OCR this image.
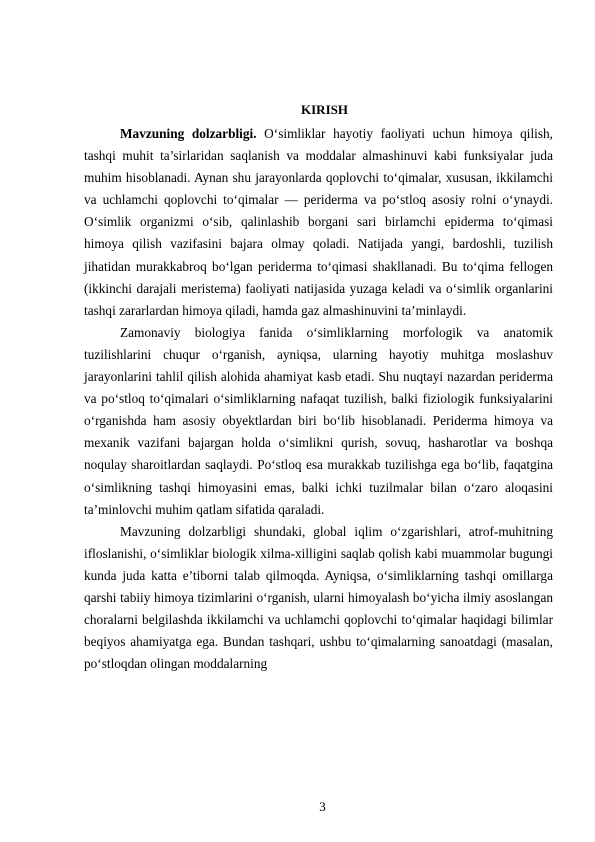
KIRISH

Mavzuning dolzarbligi. O‘simliklar hayotiy faoliyati uchun himoya qilish, tashqi muhit ta’sirlaridan saqlanish va moddalar almashinuvi kabi funksiyalar juda muhim hisoblanadi. Aynan shu jarayonlarda qoplovchi to‘qimalar, xususan, ikkilamchi va uchlamchi qoplovchi to‘qimalar — periderma va po‘stloq asosiy rolni o‘ynaydi. O‘simlik organizmi o‘sib, qalinlashib borgani sari birlamchi epiderma to‘qimasi himoya qilish vazifasini bajara olmay qoladi. Natijada yangi, bardoshli, tuzilish jihatidan murakkabroq bo‘lgan periderma to‘qimasi shakllanadi. Bu to‘qima fellogen (ikkinchi darajali meristema) faoliyati natijasida yuzaga keladi va o‘simlik organlarini tashqi zararlardan himoya qiladi, hamda gaz almashinuvini ta’minlaydi.

Zamonaviy biologiya fanida o‘simliklarning morfologik va anatomik tuzilishlarini chuqur o‘rganish, ayniqsa, ularning hayotiy muhitga moslashuv jarayonlarini tahlil qilish alohida ahamiyat kasb etadi. Shu nuqtayi nazardan periderma va po‘stloq to‘qimalari o‘simliklarning nafaqat tuzilish, balki fiziologik funksiyalarini o‘rganishda ham asosiy obyektlardan biri bo‘lib hisoblanadi. Periderma himoya va mexanik vazifani bajargan holda o‘simlikni qurish, sovuq, hasharotlar va boshqa noqulay sharoitlardan saqlaydi. Po‘stloq esa murakkab tuzilishga ega bo‘lib, faqatgina o‘simlikning tashqi himoyasini emas, balki ichki tuzilmalar bilan o‘zaro aloqasini ta’minlovchi muhim qatlam sifatida qaraladi.

Mavzuning dolzarbligi shundaki, global iqlim o‘zgarishlari, atrof-muhitning ifloslanishi, o‘simliklar biologik xilma-xilligini saqlab qolish kabi muammolar bugungi kunda juda katta e’tiborni talab qilmoqda. Ayniqsa, o‘simliklarning tashqi omillarga qarshi tabiiy himoya tizimlarini o‘rganish, ularni himoyalash bo‘yicha ilmiy asoslangan choralarni belgilashda ikkilamchi va uchlamchi qoplovchi to‘qimalar haqidagi bilimlar beqiyos ahamiyatga ega. Bundan tashqari, ushbu to‘qimalarning sanoatdagi (masalan, po‘stloqdan olingan moddalarning

3
